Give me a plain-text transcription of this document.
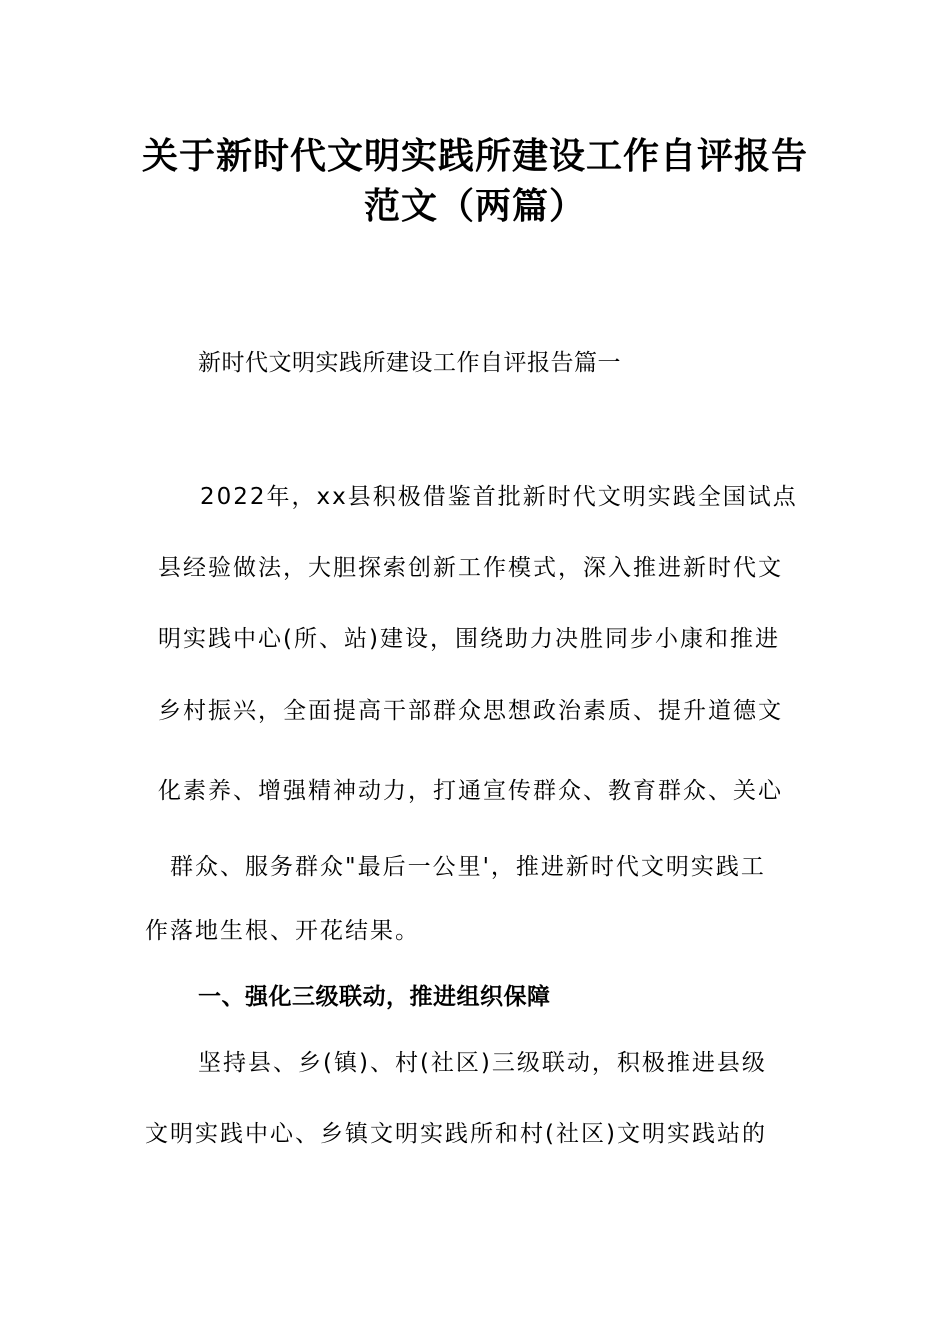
关于新时代文明实践所建设工作自评报告
范文（两篇）
新时代文明实践所建设工作自评报告篇一

2022年，xx县积极借鉴首批新时代文明实践全国试点

县经验做法，大胆探索创新工作模式，深入推进新时代文

明实践中心(所、站)建设，围绕助力决胜同步小康和推进

乡村振兴，全面提高干部群众思想政治素质、提升道德文

化素养、增强精神动力，打通宣传群众、教育群众、关心

群众、服务群众"最后一公里'，推进新时代文明实践工

作落地生根、开花结果。

一、强化三级联动，推进组织保障

坚持县、乡(镇)、村(社区)三级联动，积极推进县级

文明实践中心、乡镇文明实践所和村(社区)文明实践站的
